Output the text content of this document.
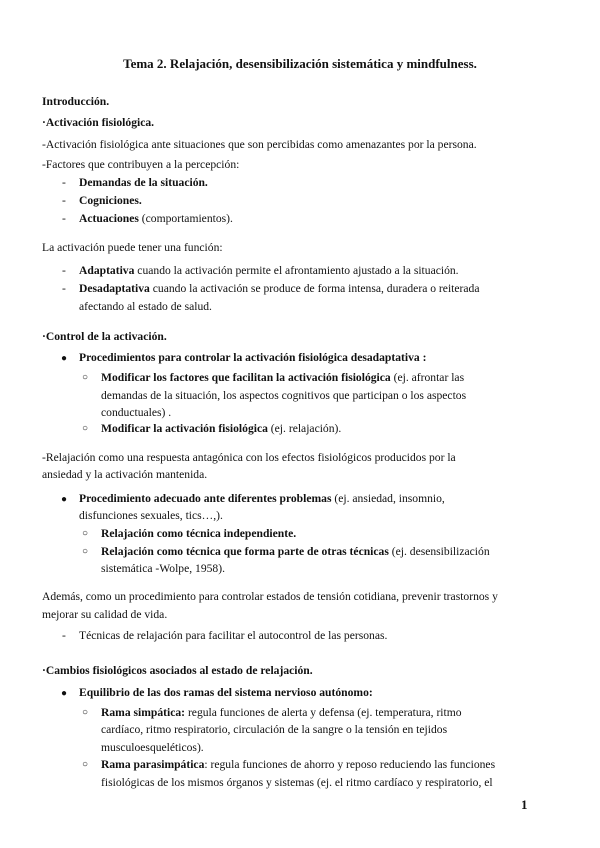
Tema 2. Relajación, desensibilización sistemática y mindfulness.
Introducción.
·Activación fisiológica.
-Activación fisiológica ante situaciones que son percibidas como amenazantes por la persona.
-Factores que contribuyen a la percepción:
- Demandas de la situación.
- Cogniciones.
- Actuaciones (comportamientos).
La activación puede tener una función:
- Adaptativa cuando la activación permite el afrontamiento ajustado a la situación.
- Desadaptativa cuando la activación se produce de forma intensa, duradera o reiterada
afectando al estado de salud.
·Control de la activación.
● Procedimientos para controlar la activación fisiológica desadaptativa :
○ Modificar los factores que facilitan la activación fisiológica (ej. afrontar las
demandas de la situación, los aspectos cognitivos que participan o los aspectos
conductuales) .
○ Modificar la activación fisiológica (ej. relajación).
-Relajación como una respuesta antagónica con los efectos fisiológicos producidos por la
ansiedad y la activación mantenida.
● Procedimiento adecuado ante diferentes problemas (ej. ansiedad, insomnio,
disfunciones sexuales, tics…,).
○ Relajación como técnica independiente.
○ Relajación como técnica que forma parte de otras técnicas (ej. desensibilización
sistemática -Wolpe, 1958).
Además, como un procedimiento para controlar estados de tensión cotidiana, prevenir trastornos y
mejorar su calidad de vida.
- Técnicas de relajación para facilitar el autocontrol de las personas.
·Cambios fisiológicos asociados al estado de relajación.
● Equilibrio de las dos ramas del sistema nervioso autónomo:
○ Rama simpática: regula funciones de alerta y defensa (ej. temperatura, ritmo
cardíaco, ritmo respiratorio, circulación de la sangre o la tensión en tejidos
musculoesqueléticos).
○ Rama parasimpática: regula funciones de ahorro y reposo reduciendo las funciones
fisiológicas de los mismos órganos y sistemas (ej. el ritmo cardíaco y respiratorio, el
1
